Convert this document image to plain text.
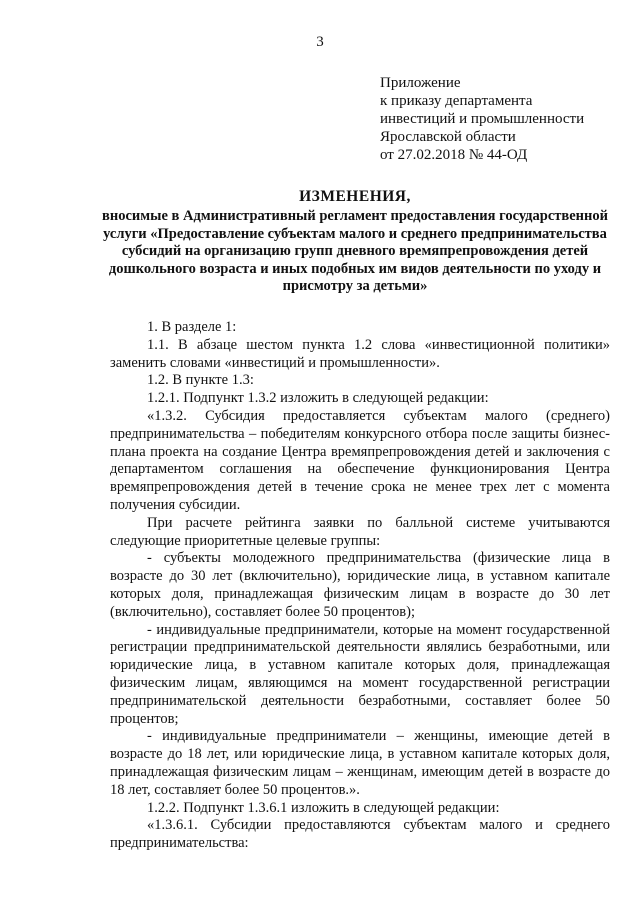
3
Приложение
к приказу департамента
инвестиций и промышленности
Ярославской области
от 27.02.2018 № 44-ОД
ИЗМЕНЕНИЯ,
вносимые в Административный регламент предоставления государственной услуги «Предоставление субъектам малого и среднего предпринимательства субсидий на организацию групп дневного времяпрепровождения детей дошкольного возраста и иных подобных им видов деятельности по уходу и присмотру за детьми»

1. В разделе 1:

1.1. В абзаце шестом пункта 1.2 слова «инвестиционной политики» заменить словами «инвестиций и промышленности».

1.2. В пункте 1.3:

1.2.1. Подпункт 1.3.2 изложить в следующей редакции:

«1.3.2. Субсидия предоставляется субъектам малого (среднего) предпринимательства – победителям конкурсного отбора после защиты бизнес-плана проекта на создание Центра времяпрепровождения детей и заключения с департаментом соглашения на обеспечение функционирования Центра времяпрепровождения детей в течение срока не менее трех лет с момента получения субсидии.

При расчете рейтинга заявки по балльной системе учитываются следующие приоритетные целевые группы:

- субъекты молодежного предпринимательства (физические лица в возрасте до 30 лет (включительно), юридические лица, в уставном капитале которых доля, принадлежащая физическим лицам в возрасте до 30 лет (включительно), составляет более 50 процентов);

- индивидуальные предприниматели, которые на момент государственной регистрации предпринимательской деятельности являлись безработными, или юридические лица, в уставном капитале которых доля, принадлежащая физическим лицам, являющимся на момент государственной регистрации предпринимательской деятельности безработными, составляет более 50 процентов;

- индивидуальные предприниматели – женщины, имеющие детей в возрасте до 18 лет, или юридические лица, в уставном капитале которых доля, принадлежащая физическим лицам – женщинам, имеющим детей в возрасте до 18 лет, составляет более 50 процентов.».

1.2.2. Подпункт 1.3.6.1 изложить в следующей редакции:

«1.3.6.1. Субсидии предоставляются субъектам малого и среднего предпринимательства:
